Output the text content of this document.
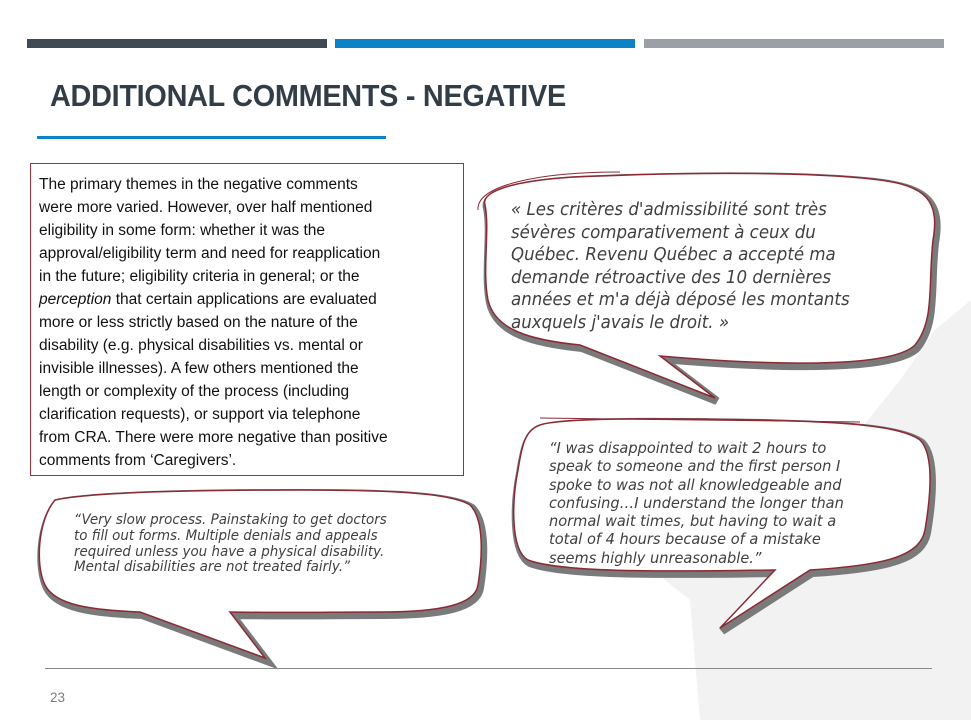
ADDITIONAL COMMENTS - NEGATIVE
The primary themes in the negative comments
were more varied. However, over half mentioned
eligibility in some form: whether it was the
approval/eligibility term and need for reapplication
in the future; eligibility criteria in general; or the
perception that certain applications are evaluated
more or less strictly based on the nature of the
disability (e.g. physical disabilities vs. mental or
invisible illnesses). A few others mentioned the
length or complexity of the process (including
clarification requests), or support via telephone
from CRA. There were more negative than positive
comments from ‘Caregivers’.
« Les critères d'admissibilité sont très
sévères comparativement à ceux du
Québec. Revenu Québec a accepté ma
demande rétroactive des 10 dernières
années et m'a déjà déposé les montants
auxquels j'avais le droit. »
“I was disappointed to wait 2 hours to
speak to someone and the first person I
spoke to was not all knowledgeable and
confusing…I understand the longer than
normal wait times, but having to wait a
total of 4 hours because of a mistake
seems highly unreasonable.”
“Very slow process. Painstaking to get doctors
to fill out forms. Multiple denials and appeals
required unless you have a physical disability.
Mental disabilities are not treated fairly.”
23
